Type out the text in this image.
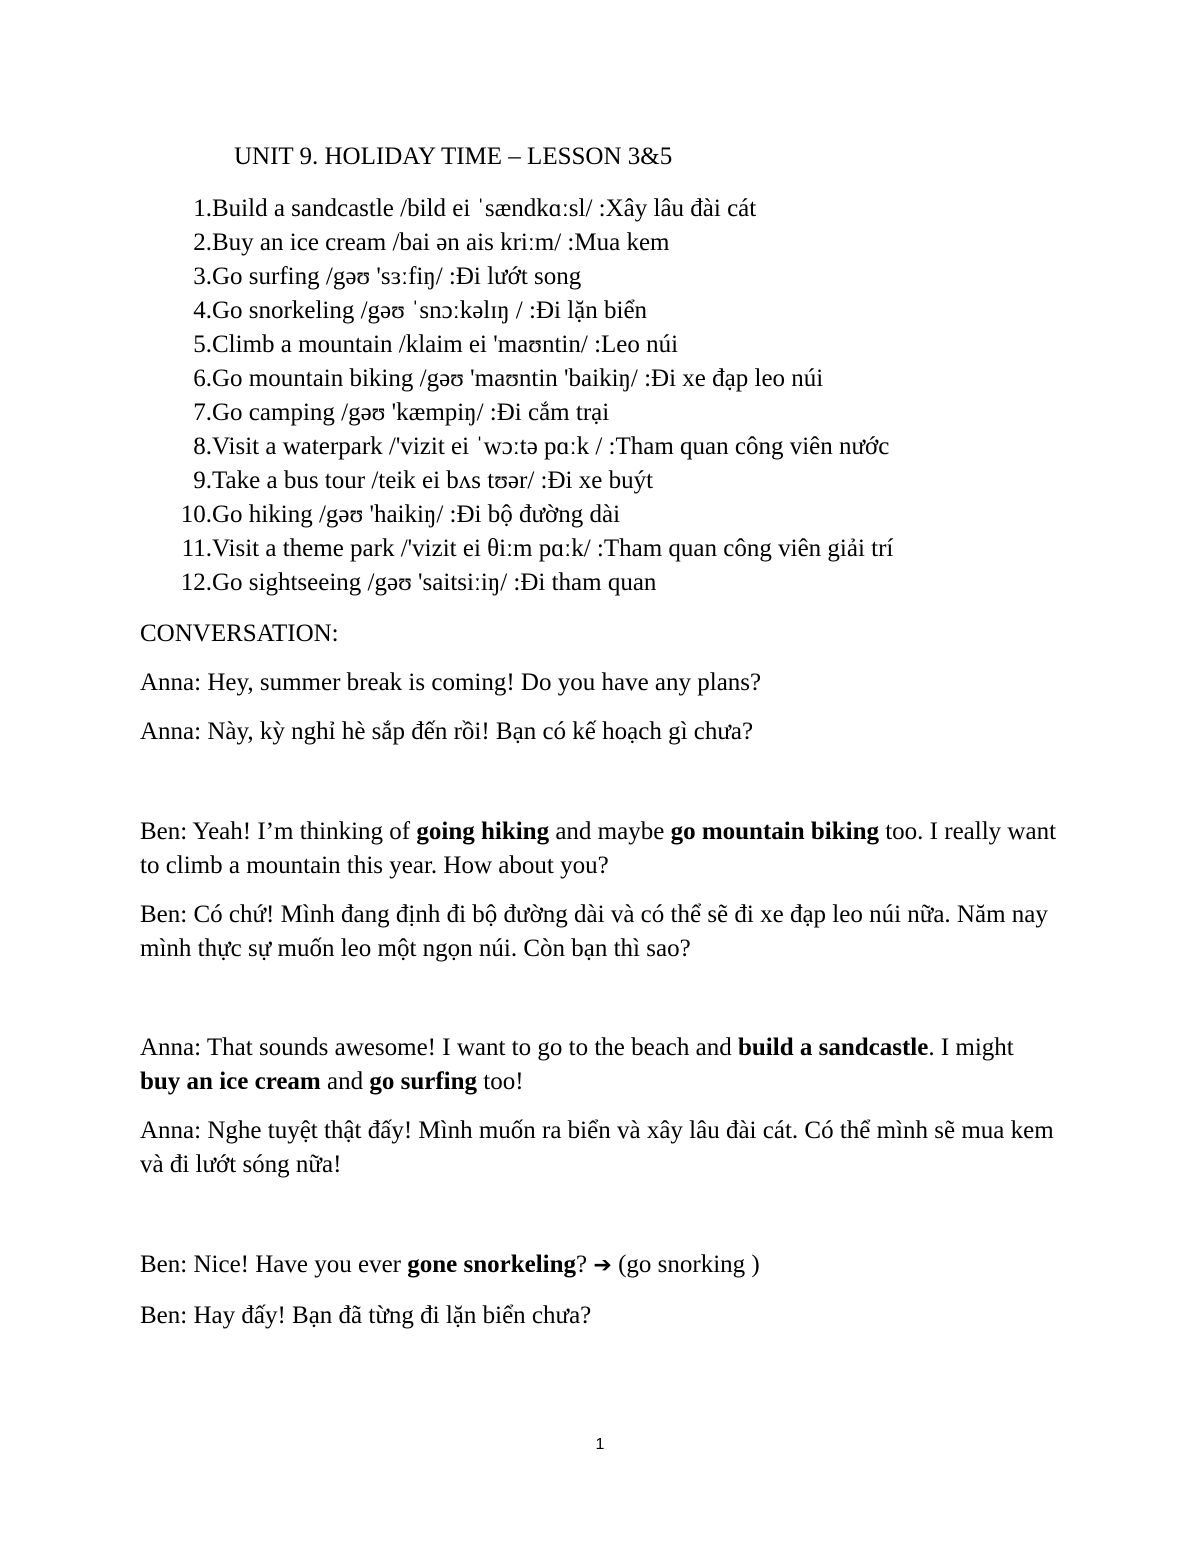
UNIT 9. HOLIDAY TIME – LESSON 3&5
1.Build a sandcastle /bild ei ˈsændkɑːsl/ :Xây lâu đài cát
2.Buy an ice cream /bai ən ais kriːm/ :Mua kem
3.Go surfing /gəʊ 'sɜːfiŋ/ :Đi lướt song
4.Go snorkeling /gəʊ ˈsnɔːkəlɪŋ / :Đi lặn biển
5.Climb a mountain /klaim ei 'maʊntin/ :Leo núi
6.Go mountain biking /gəʊ 'maʊntin 'baikiŋ/ :Đi xe đạp leo núi
7.Go camping /gəʊ 'kæmpiŋ/ :Đi cắm trại
8.Visit a waterpark /'vizit ei ˈwɔːtə pɑːk / :Tham quan công viên nước
9.Take a bus tour /teik ei bʌs tʊər/ :Đi xe buýt
10.Go hiking /gəʊ 'haikiŋ/ :Đi bộ đường dài
11.Visit a theme park /'vizit ei θiːm pɑːk/ :Tham quan công viên giải trí
12.Go sightseeing /gəʊ 'saitsiːiŋ/ :Đi tham quan

CONVERSATION:

Anna: Hey, summer break is coming! Do you have any plans?

Anna: Này, kỳ nghỉ hè sắp đến rồi! Bạn có kế hoạch gì chưa?

Ben: Yeah! I’m thinking of going hiking and maybe go mountain biking too. I really want to climb a mountain this year. How about you?

Ben: Có chứ! Mình đang định đi bộ đường dài và có thể sẽ đi xe đạp leo núi nữa. Năm nay mình thực sự muốn leo một ngọn núi. Còn bạn thì sao?

Anna: That sounds awesome! I want to go to the beach and build a sandcastle. I might buy an ice cream and go surfing too!

Anna: Nghe tuyệt thật đấy! Mình muốn ra biển và xây lâu đài cát. Có thể mình sẽ mua kem và đi lướt sóng nữa!

Ben: Nice! Have you ever gone snorkeling? ➔ (go snorking )

Ben: Hay đấy! Bạn đã từng đi lặn biển chưa?

1
